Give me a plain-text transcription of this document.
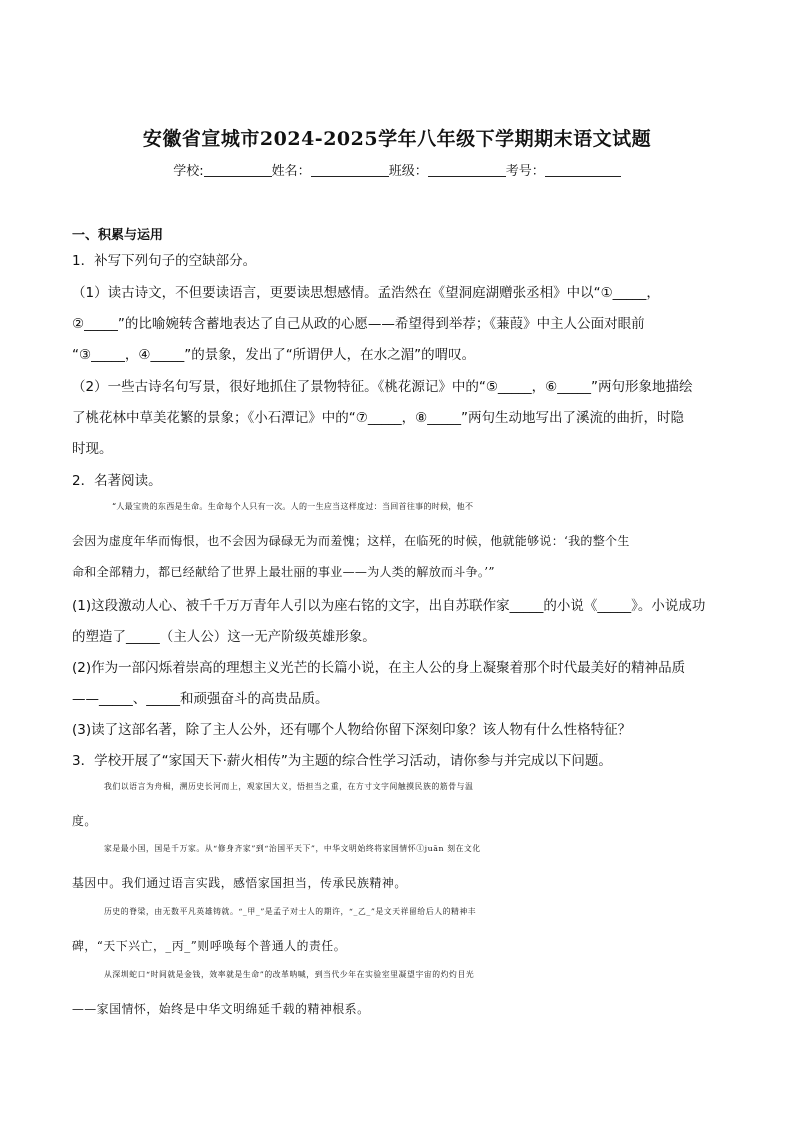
安徽省宣城市2024-2025学年八年级下学期期末语文试题
学校:	姓名：	班级：	考号：
一、积累与运用
1．补写下列句子的空缺部分。
（1）读古诗文，不但要读语言，更要读思想感情。孟浩然在《望洞庭湖赠张丞相》中以“①_____，
②_____”的比喻婉转含蓄地表达了自己从政的心愿——希望得到举荐；《蒹葭》中主人公面对眼前
“③_____，④_____”的景象，发出了“所谓伊人，在水之湄”的喟叹。
（2）一些古诗名句写景，很好地抓住了景物特征。《桃花源记》中的“⑤_____，⑥_____”两句形象地描绘
了桃花林中草美花繁的景象；《小石潭记》中的“⑦_____，⑧_____”两句生动地写出了溪流的曲折，时隐
时现。
2．名著阅读。
“人最宝贵的东西是生命。生命每个人只有一次。人的一生应当这样度过：当回首往事的时候，他不
会因为虚度年华而悔恨，也不会因为碌碌无为而羞愧；这样，在临死的时候，他就能够说：‘我的整个生
命和全部精力，都已经献给了世界上最壮丽的事业——为人类的解放而斗争。’”
(1)这段激动人心、被千千万万青年人引以为座右铭的文字，出自苏联作家_____的小说《_____》。小说成功
的塑造了_____（主人公）这一无产阶级英雄形象。
(2)作为一部闪烁着崇高的理想主义光芒的长篇小说，在主人公的身上凝聚着那个时代最美好的精神品质
——_____、_____和顽强奋斗的高贵品质。
(3)读了这部名著，除了主人公外，还有哪个人物给你留下深刻印象？该人物有什么性格特征？
3．学校开展了“家国天下·薪火相传”为主题的综合性学习活动，请你参与并完成以下问题。
我们以语言为舟楫，溯历史长河而上，观家国大义，悟担当之重，在方寸文字间触摸民族的筋骨与温
度。
家是最小国，国是千万家。从“修身齐家”到“治国平天下”，中华文明始终将家国情怀①juān 刻在文化
基因中。我们通过语言实践，感悟家国担当，传承民族精神。
历史的脊梁，由无数平凡英雄铸就。“_甲_”是孟子对士人的期许，“_乙_”是文天祥留给后人的精神丰
碑，“天下兴亡，_丙_”则呼唤每个普通人的责任。
从深圳蛇口“时间就是金钱，效率就是生命”的改革呐喊，到当代少年在实验室里凝望宇宙的灼灼目光
——家国情怀，始终是中华文明绵延千载的精神根系。
